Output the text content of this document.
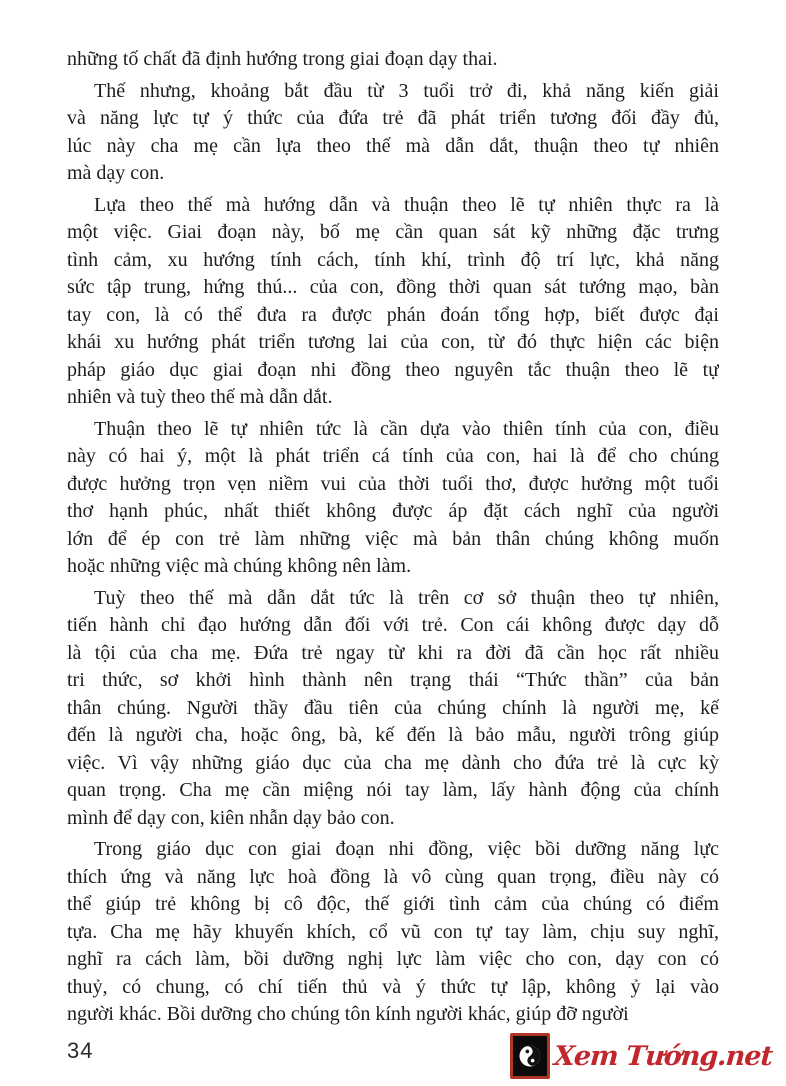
những tố chất đã định hướng trong giai đoạn dạy thai.

Thế nhưng, khoảng bắt đầu từ 3 tuổi trở đi, khả năng kiến giải
và năng lực tự ý thức của đứa trẻ đã phát triển tương đối đầy đủ,
lúc này cha mẹ cần lựa theo thế mà dẫn dắt, thuận theo tự nhiên
mà dạy con.

Lựa theo thế mà hướng dẫn và thuận theo lẽ tự nhiên thực ra là
một việc. Giai đoạn này, bố mẹ cần quan sát kỹ những đặc trưng
tình cảm, xu hướng tính cách, tính khí, trình độ trí lực, khả năng
sức tập trung, hứng thú... của con, đồng thời quan sát tướng mạo, bàn
tay con, là có thể đưa ra được phán đoán tổng hợp, biết được đại
khái xu hướng phát triển tương lai của con, từ đó thực hiện các biện
pháp giáo dục giai đoạn nhi đồng theo nguyên tắc thuận theo lẽ tự
nhiên và tuỳ theo thế mà dẫn dắt.

Thuận theo lẽ tự nhiên tức là cần dựa vào thiên tính của con, điều
này có hai ý, một là phát triển cá tính của con, hai là để cho chúng
được hưởng trọn vẹn niềm vui của thời tuổi thơ, được hưởng một tuổi
thơ hạnh phúc, nhất thiết không được áp đặt cách nghĩ của người
lớn để ép con trẻ làm những việc mà bản thân chúng không muốn
hoặc những việc mà chúng không nên làm.

Tuỳ theo thế mà dẫn dắt tức là trên cơ sở thuận theo tự nhiên,
tiến hành chỉ đạo hướng dẫn đối với trẻ. Con cái không được dạy dỗ
là tội của cha mẹ. Đứa trẻ ngay từ khi ra đời đã cần học rất nhiều
tri thức, sơ khởi hình thành nên trạng thái “Thức thần” của bản
thân chúng. Người thầy đầu tiên của chúng chính là người mẹ, kế
đến là người cha, hoặc ông, bà, kế đến là bảo mẫu, người trông giúp
việc. Vì vậy những giáo dục của cha mẹ dành cho đứa trẻ là cực kỳ
quan trọng. Cha mẹ cần miệng nói tay làm, lấy hành động của chính
mình để dạy con, kiên nhẫn dạy bảo con.

Trong giáo dục con giai đoạn nhi đồng, việc bồi dưỡng năng lực
thích ứng và năng lực hoà đồng là vô cùng quan trọng, điều này có
thể giúp trẻ không bị cô độc, thế giới tình cảm của chúng có điểm
tựa. Cha mẹ hãy khuyến khích, cổ vũ con tự tay làm, chịu suy nghĩ,
nghĩ ra cách làm, bồi dưỡng nghị lực làm việc cho con, dạy con có
thuỷ, có chung, có chí tiến thủ và ý thức tự lập, không ỷ lại vào
người khác. Bồi dưỡng cho chúng tôn kính người khác, giúp đỡ người

34	Xem Tướng.net
